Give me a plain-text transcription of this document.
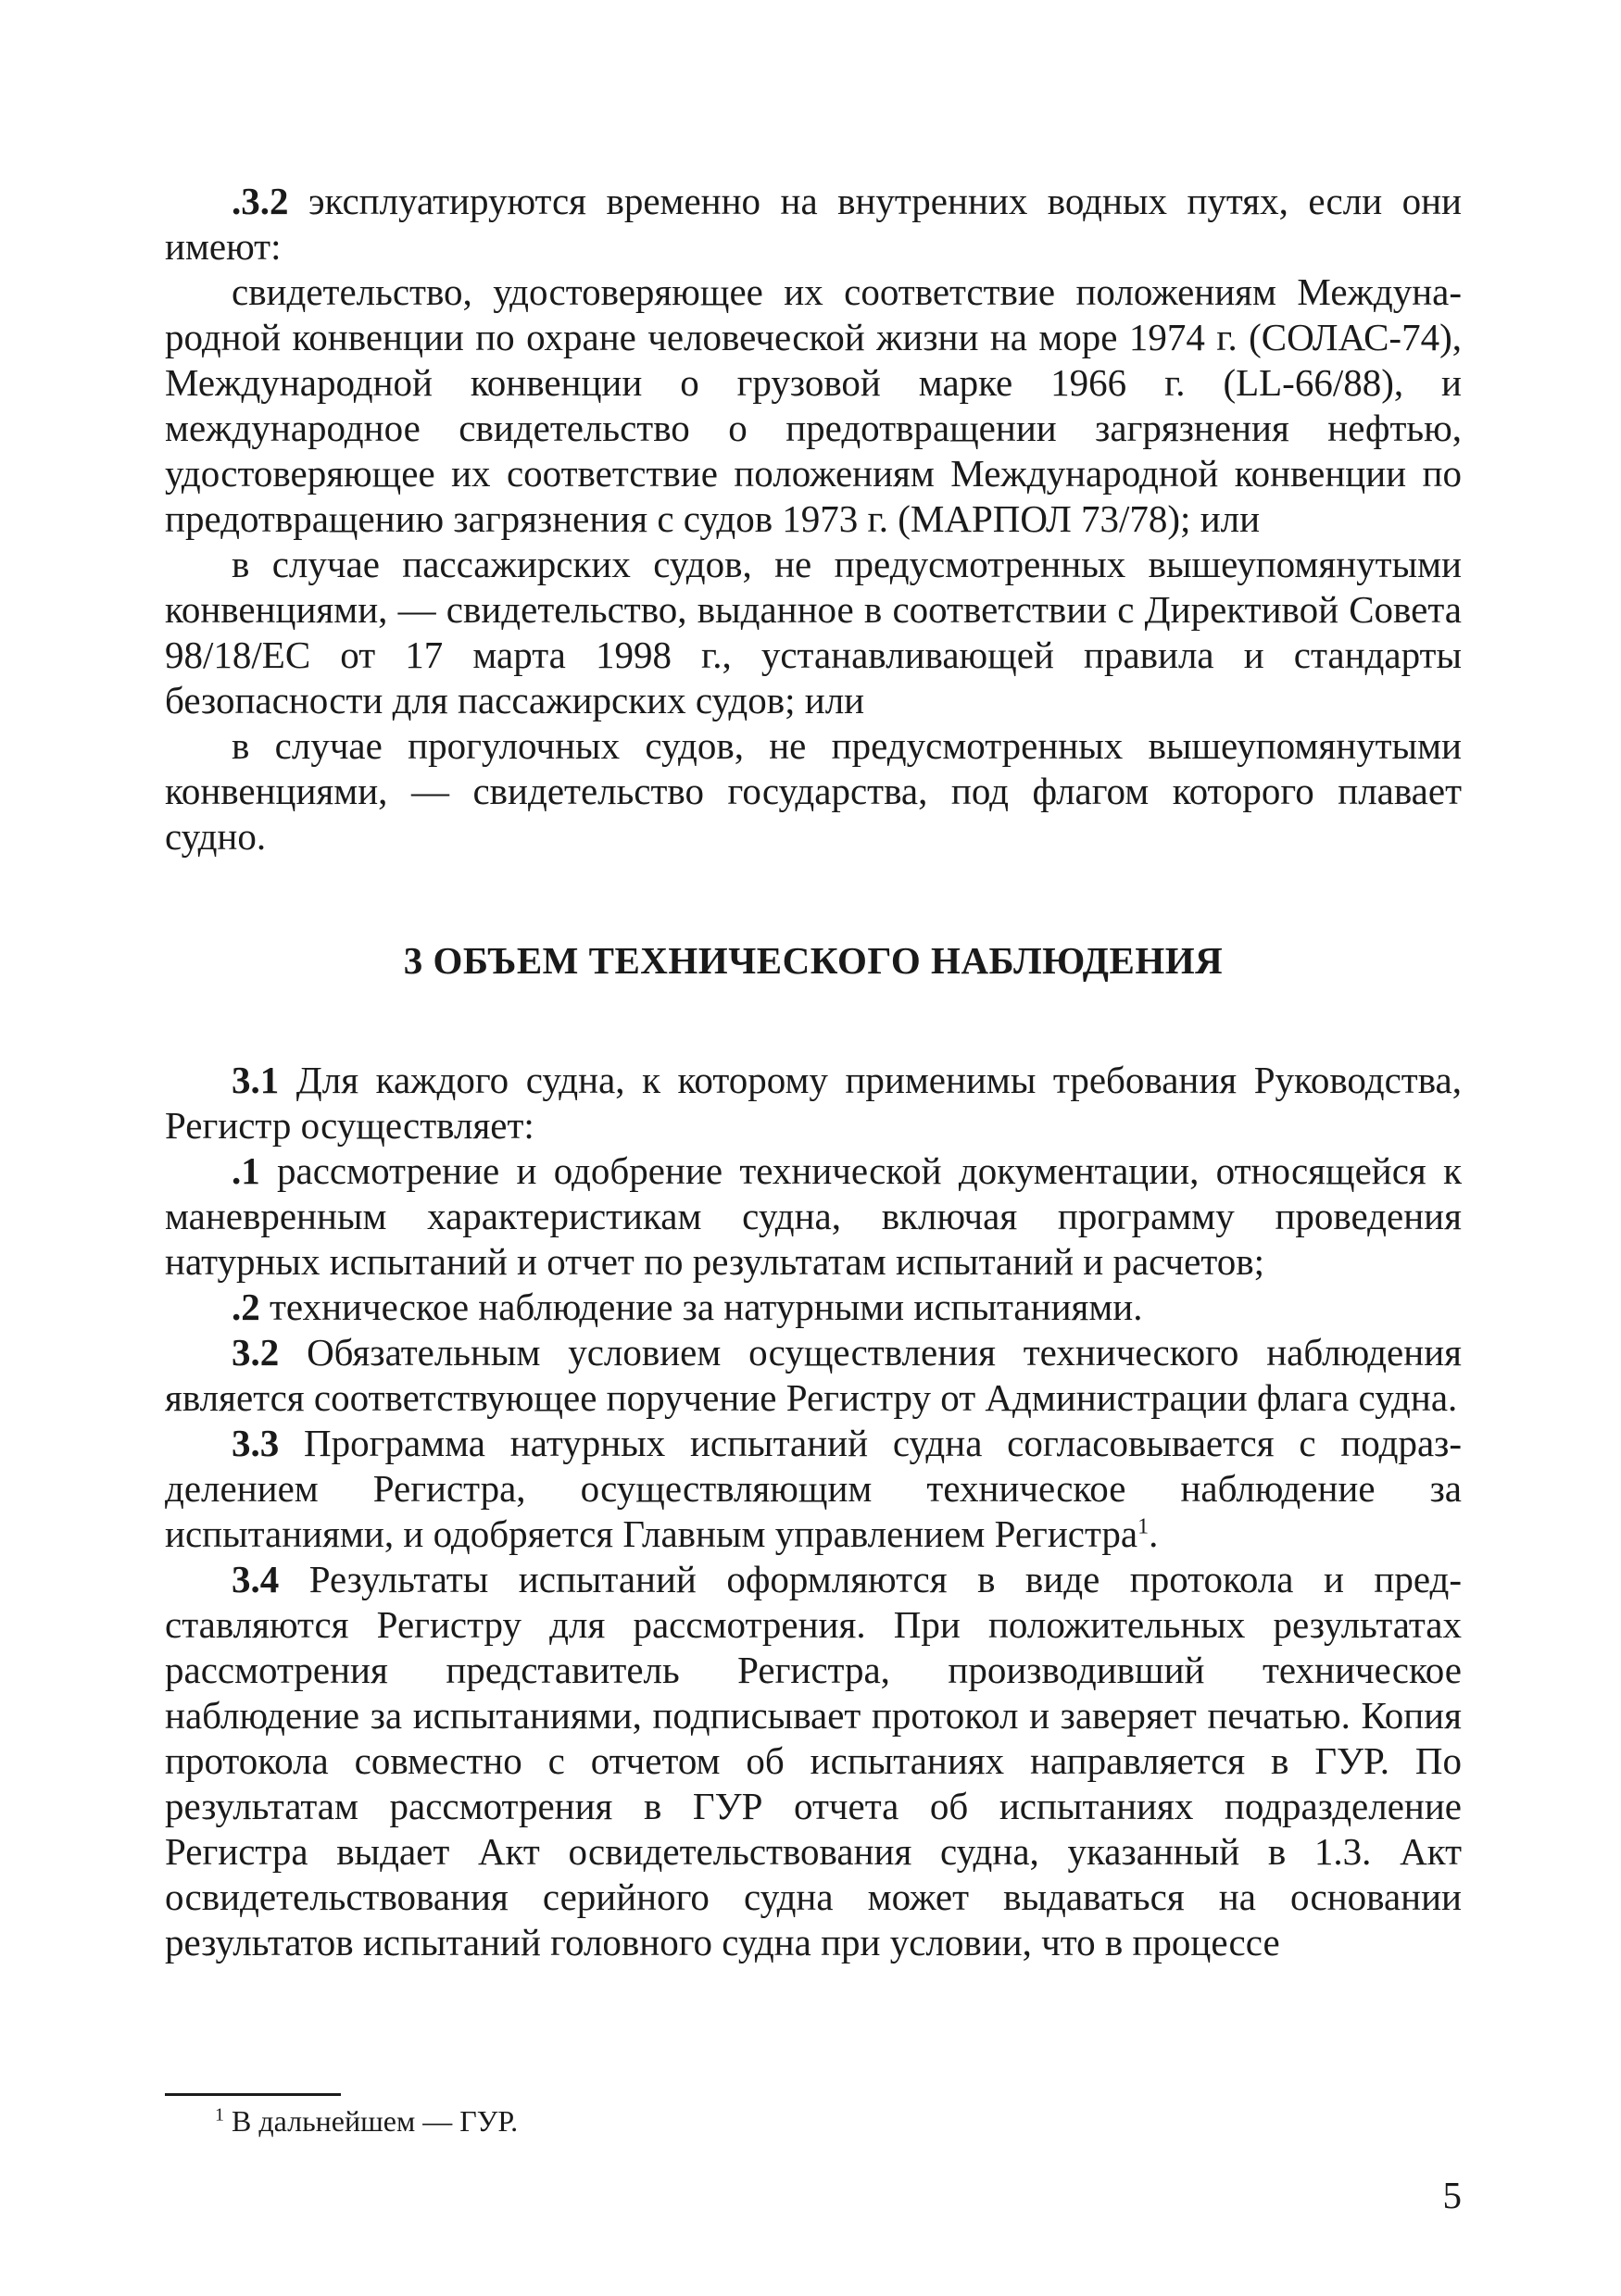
.3.2 эксплуатируются временно на внутренних водных путях, если они имеют:

свидетельство, удостоверяющее их соответствие положениям Международной конвенции по охране человеческой жизни на море 1974 г. (СОЛАС-74), Международной конвенции о грузовой марке 1966 г. (LL-66/88), и международное свидетельство о предотвращении загрязнения нефтью, удостоверяющее их соответствие положениям Международной конвенции по предотвращению загрязнения с судов 1973 г. (МАРПОЛ 73/78); или

в случае пассажирских судов, не предусмотренных вышеупомянутыми конвенциями, — свидетельство, выданное в соответствии с Директивой Совета 98/18/ЕС от 17 марта 1998 г., устанавливающей правила и стандарты безопасности для пассажирских судов; или

в случае прогулочных судов, не предусмотренных вышеупомянутыми конвенциями, — свидетельство государства, под флагом которого плавает судно.

3 ОБЪЕМ ТЕХНИЧЕСКОГО НАБЛЮДЕНИЯ

3.1 Для каждого судна, к которому применимы требования Руководства, Регистр осуществляет:

.1 рассмотрение и одобрение технической документации, относящейся к маневренным характеристикам судна, включая программу проведения натурных испытаний и отчет по результатам испытаний и расчетов;

.2 техническое наблюдение за натурными испытаниями.

3.2 Обязательным условием осуществления технического наблюдения является соответствующее поручение Регистру от Администрации флага судна.

3.3 Программа натурных испытаний судна согласовывается с подразделением Регистра, осуществляющим техническое наблюдение за испытаниями, и одобряется Главным управлением Регистра$^1$.

3.4 Результаты испытаний оформляются в виде протокола и представляются Регистру для рассмотрения. При положительных результатах рассмотрения представитель Регистра, производивший техническое наблюдение за испытаниями, подписывает протокол и заверяет печатью. Копия протокола совместно с отчетом об испытаниях направляется в ГУР. По результатам рассмотрения в ГУР отчета об испытаниях подразделение Регистра выдает Акт освидетельствования судна, указанный в 1.3. Акт освидетельствования серийного судна может выдаваться на основании результатов испытаний головного судна при условии, что в процессе

$^1$ В дальнейшем — ГУР.
5
